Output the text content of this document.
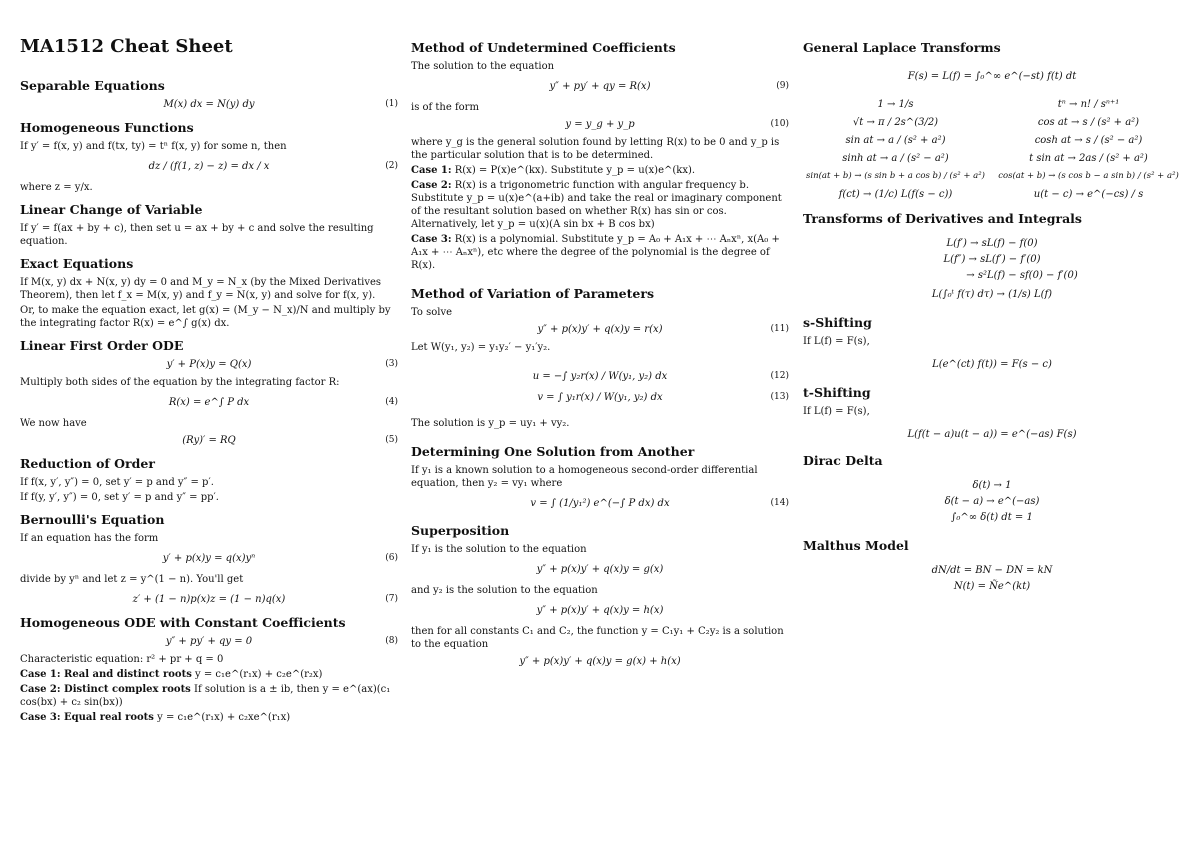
MA1512 Cheat Sheet
Separable Equations
M(x) dx = N(y) dy	(1)
Homogeneous Functions

If y′ = f(x, y) and f(tx, ty) = tⁿ f(x, y) for some n, then

dz / (f(1, z) − z) = dx / x	(2)

where z = y/x.

Linear Change of Variable

If y′ = f(ax + by + c), then set u = ax + by + c and solve the resulting equation.

Exact Equations

If M(x, y) dx + N(x, y) dy = 0 and M_y = N_x (by the Mixed Derivatives Theorem), then let f_x = M(x, y) and f_y = N(x, y) and solve for f(x, y).

Or, to make the equation exact, let g(x) = (M_y − N_x)/N and multiply by the integrating factor R(x) = e^∫ g(x) dx.

Linear First Order ODE
y′ + P(x)y = Q(x)	(3)

Multiply both sides of the equation by the integrating factor R:

R(x) = e^∫ P dx	(4)

We now have

(Ry)′ = RQ	(5)
Reduction of Order

If f(x, y′, y″) = 0, set y′ = p and y″ = p′.

If f(y, y′, y″) = 0, set y′ = p and y″ = pp′.

Bernoulli's Equation

If an equation has the form

y′ + p(x)y = q(x)yⁿ	(6)

divide by yⁿ and let z = y^(1 − n). You'll get

z′ + (1 − n)p(x)z = (1 − n)q(x)	(7)
Homogeneous ODE with Constant Coefficients
y″ + py′ + qy = 0	(8)

Characteristic equation: r² + pr + q = 0

Case 1: Real and distinct roots y = c₁e^(r₁x) + c₂e^(r₂x)

Case 2: Distinct complex roots If solution is a ± ib, then y = e^(ax)(c₁ cos(bx) + c₂ sin(bx))

Case 3: Equal real roots y = c₁e^(r₁x) + c₂xe^(r₁x)

Method of Undetermined Coefficients

The solution to the equation

y″ + py′ + qy = R(x)	(9)

is of the form

y = y_g + y_p	(10)

where y_g is the general solution found by letting R(x) to be 0 and y_p is the particular solution that is to be determined.

Case 1: R(x) = P(x)e^(kx). Substitute y_p = u(x)e^(kx).

Case 2: R(x) is a trigonometric function with angular frequency b. Substitute y_p = u(x)e^(a+ib) and take the real or imaginary component of the resultant solution based on whether R(x) has sin or cos. Alternatively, let y_p = u(x)(A sin bx + B cos bx)

Case 3: R(x) is a polynomial. Substitute y_p = A₀ + A₁x + ⋯ Aₙxⁿ, x(A₀ + A₁x + ⋯ Aₙxⁿ), etc where the degree of the polynomial is the degree of R(x).

Method of Variation of Parameters

To solve

y″ + p(x)y′ + q(x)y = r(x)	(11)

Let W(y₁, y₂) = y₁y₂′ − y₁′y₂.

u = −∫ y₂r(x) / W(y₁, y₂) dx	(12)
v = ∫ y₁r(x) / W(y₁, y₂) dx	(13)

The solution is y_p = uy₁ + vy₂.

Determining One Solution from Another

If y₁ is a known solution to a homogeneous second-order differential equation, then y₂ = vy₁ where

v = ∫ (1/y₁²) e^(−∫ P dx) dx	(14)
Superposition

If y₁ is the solution to the equation

y″ + p(x)y′ + q(x)y = g(x)

and y₂ is the solution to the equation

y″ + p(x)y′ + q(x)y = h(x)

then for all constants C₁ and C₂, the function y = C₁y₁ + C₂y₂ is a solution to the equation

y″ + p(x)y′ + q(x)y = g(x) + h(x)
General Laplace Transforms
F(s) = L(f) = ∫₀^∞ e^(−st) f(t) dt
1 → 1/s	tⁿ → n! / sⁿ⁺¹
√t → π / 2s^(3/2)	cos at → s / (s² + a²)
sin at → a / (s² + a²)	cosh at → s / (s² − a²)
sinh at → a / (s² − a²)	t sin at → 2as / (s² + a²)
sin(at + b) → (s sin b + a cos b) / (s² + a²)	cos(at + b) → (s cos b − a sin b) / (s² + a²)
f(ct) → (1/c) L(f(s − c))	u(t − c) → e^(−cs) / s
Transforms of Derivatives and Integrals
L(f′) → sL(f) − f(0)
L(f″) → sL(f′) − f′(0)
→ s²L(f) − sf(0) − f′(0)
L(∫₀ᵗ f(τ) dτ) → (1/s) L(f)
s-Shifting

If L(f) = F(s),

L(e^(ct) f(t)) = F(s − c)
t-Shifting

If L(f) = F(s),

L(f(t − a)u(t − a)) = e^(−as) F(s)
Dirac Delta
δ(t) → 1
δ(t − a) → e^(−as)
∫₀^∞ δ(t) dt = 1
Malthus Model
dN/dt = BN − DN = kN
N(t) = Ñe^(kt)
